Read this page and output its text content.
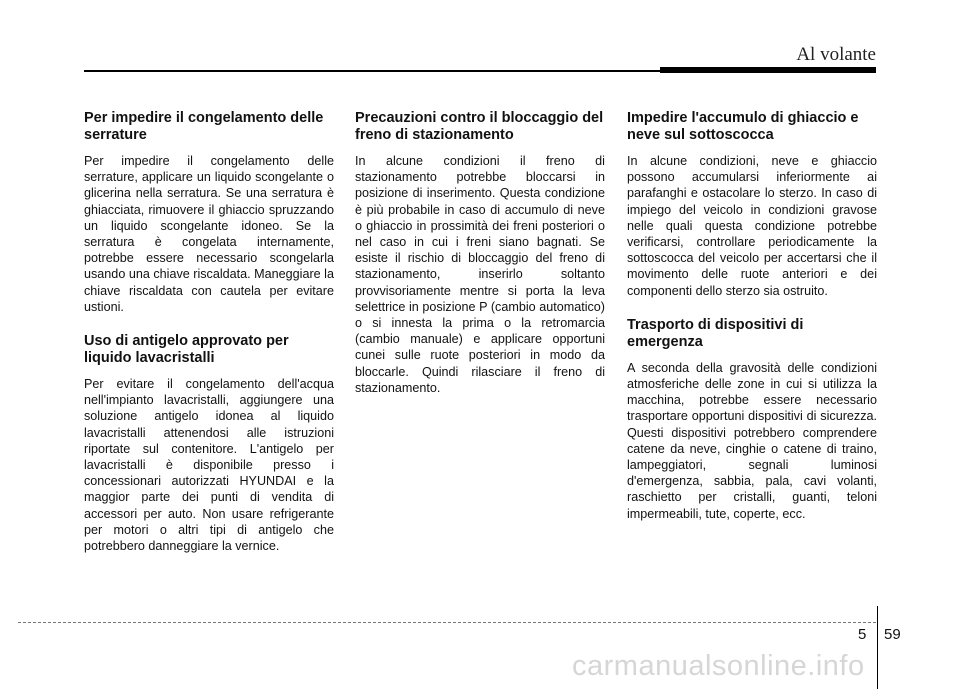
Al volante
Per impedire il congelamento delle serrature

Per impedire il congelamento delle serrature, applicare un liquido scongelante o glicerina nella serratura. Se una serratura è ghiacciata, rimuovere il ghiaccio spruzzando un liquido scongelante idoneo. Se la serratura è congelata internamente, potrebbe essere necessario scongelarla usando una chiave riscaldata. Maneggiare la chiave riscaldata con cautela per evitare ustioni.

Uso di antigelo approvato per liquido lavacristalli

Per evitare il congelamento dell'acqua nell'impianto lavacristalli, aggiungere una soluzione antigelo idonea al liquido lavacristalli attenendosi alle istruzioni riportate sul contenitore. L'antigelo per lavacristalli è disponibile presso i concessionari autorizzati HYUNDAI e la maggior parte dei punti di vendita di accessori per auto. Non usare refrigerante per motori o altri tipi di antigelo che potrebbero danneggiare la vernice.

Precauzioni contro il bloccaggio del freno di stazionamento

In alcune condizioni il freno di stazionamento potrebbe bloccarsi in posizione di inserimento. Questa condizione è più probabile in caso di accumulo di neve o ghiaccio in prossimità dei freni posteriori o nel caso in cui i freni siano bagnati. Se esiste il rischio di bloccaggio del freno di stazionamento, inserirlo soltanto provvisoriamente mentre si porta la leva selettrice in posizione P (cambio automatico) o si innesta la prima o la retromarcia (cambio manuale) e applicare opportuni cunei sulle ruote posteriori in modo da bloccarle. Quindi rilasciare il freno di stazionamento.

Impedire l'accumulo di ghiaccio e neve sul sottoscocca

In alcune condizioni, neve e ghiaccio possono accumularsi inferiormente ai parafanghi e ostacolare lo sterzo. In caso di impiego del veicolo in condizioni gravose nelle quali questa condizione potrebbe verificarsi, controllare periodicamente la sottoscocca del veicolo per accertarsi che il movimento delle ruote anteriori e dei componenti dello sterzo sia ostruito.

Trasporto di dispositivi di emergenza

A seconda della gravosità delle condizioni atmosferiche delle zone in cui si utilizza la macchina, potrebbe essere necessario trasportare opportuni dispositivi di sicurezza. Questi dispositivi potrebbero comprendere catene da neve, cinghie o catene di traino, lampeggiatori, segnali luminosi d'emergenza, sabbia, pala, cavi volanti, raschietto per cristalli, guanti, teloni impermeabili, tute, coperte, ecc.

5 59
carmanualsonline.info
